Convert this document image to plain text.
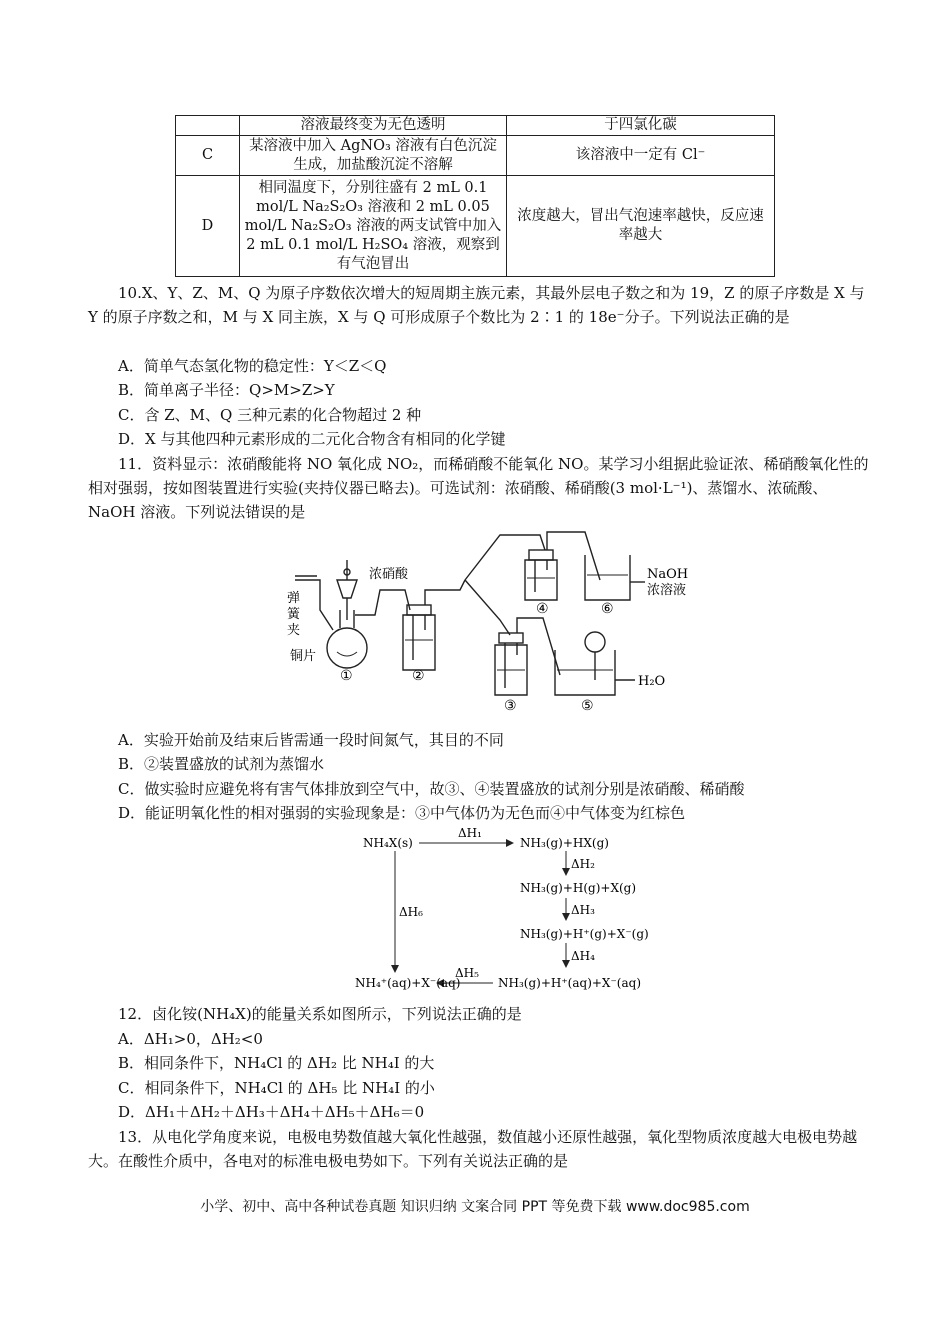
	溶液最终变为无色透明	于四氯化碳
C	某溶液中加入 AgNO₃ 溶液有白色沉淀生成，加盐酸沉淀不溶解	该溶液中一定有 Cl⁻
D	相同温度下，分别往盛有 2 mL 0.1 mol/L Na₂S₂O₃ 溶液和 2 mL 0.05 mol/L Na₂S₂O₃ 溶液的两支试管中加入 2 mL 0.1 mol/L H₂SO₄ 溶液，观察到有气泡冒出	浓度越大，冒出气泡速率越快，反应速率越大
10.X、Y、Z、M、Q 为原子序数依次增大的短周期主族元素，其最外层电子数之和为 19，Z 的原子序数是 X 与 Y 的原子序数之和，M 与 X 同主族，X 与 Q 可形成原子个数比为 2∶1 的 18e⁻分子。下列说法正确的是
A．简单气态氢化物的稳定性：Y＜Z＜Q
B．简单离子半径：Q>M>Z>Y
C．含 Z、M、Q 三种元素的化合物超过 2 种
D．X 与其他四种元素形成的二元化合物含有相同的化学键
11．资料显示：浓硝酸能将 NO 氧化成 NO₂，而稀硝酸不能氧化 NO。某学习小组据此验证浓、稀硝酸氧化性的相对强弱，按如图装置进行实验(夹持仪器已略去)。可选试剂：浓硝酸、稀硝酸(3 mol·L⁻¹)、蒸馏水、浓硫酸、NaOH 溶液。下列说法错误的是
弹
簧
夹
浓硝酸
铜片
NaOH
浓溶液
H₂O
①	②
③
④
⑤
⑥
A．实验开始前及结束后皆需通一段时间氮气，其目的不同
B．②装置盛放的试剂为蒸馏水
C．做实验时应避免将有害气体排放到空气中，故③、④装置盛放的试剂分别是浓硝酸、稀硝酸
D．能证明氧化性的相对强弱的实验现象是：③中气体仍为无色而④中气体变为红棕色
NH₄X(s)	NH₃(g)+HX(g)
NH₃(g)+H(g)+X(g)
NH₃(g)+H⁺(g)+X⁻(g)
NH₃(g)+H⁺(aq)+X⁻(aq)
NH₄⁺(aq)+X⁻(aq)
ΔH₁
ΔH₂
ΔH₃
ΔH₄
ΔH₅
ΔH₆
12．卤化铵(NH₄X)的能量关系如图所示，下列说法正确的是
A．ΔH₁>0，ΔH₂<0
B．相同条件下，NH₄Cl 的 ΔH₂ 比 NH₄I 的大
C．相同条件下，NH₄Cl 的 ΔH₅ 比 NH₄I 的小
D．ΔH₁＋ΔH₂＋ΔH₃＋ΔH₄＋ΔH₅＋ΔH₆＝0
13．从电化学角度来说，电极电势数值越大氧化性越强，数值越小还原性越强，氧化型物质浓度越大电极电势越大。在酸性介质中，各电对的标准电极电势如下。下列有关说法正确的是
小学、初中、高中各种试卷真题 知识归纳 文案合同 PPT 等免费下载 www.doc985.com
